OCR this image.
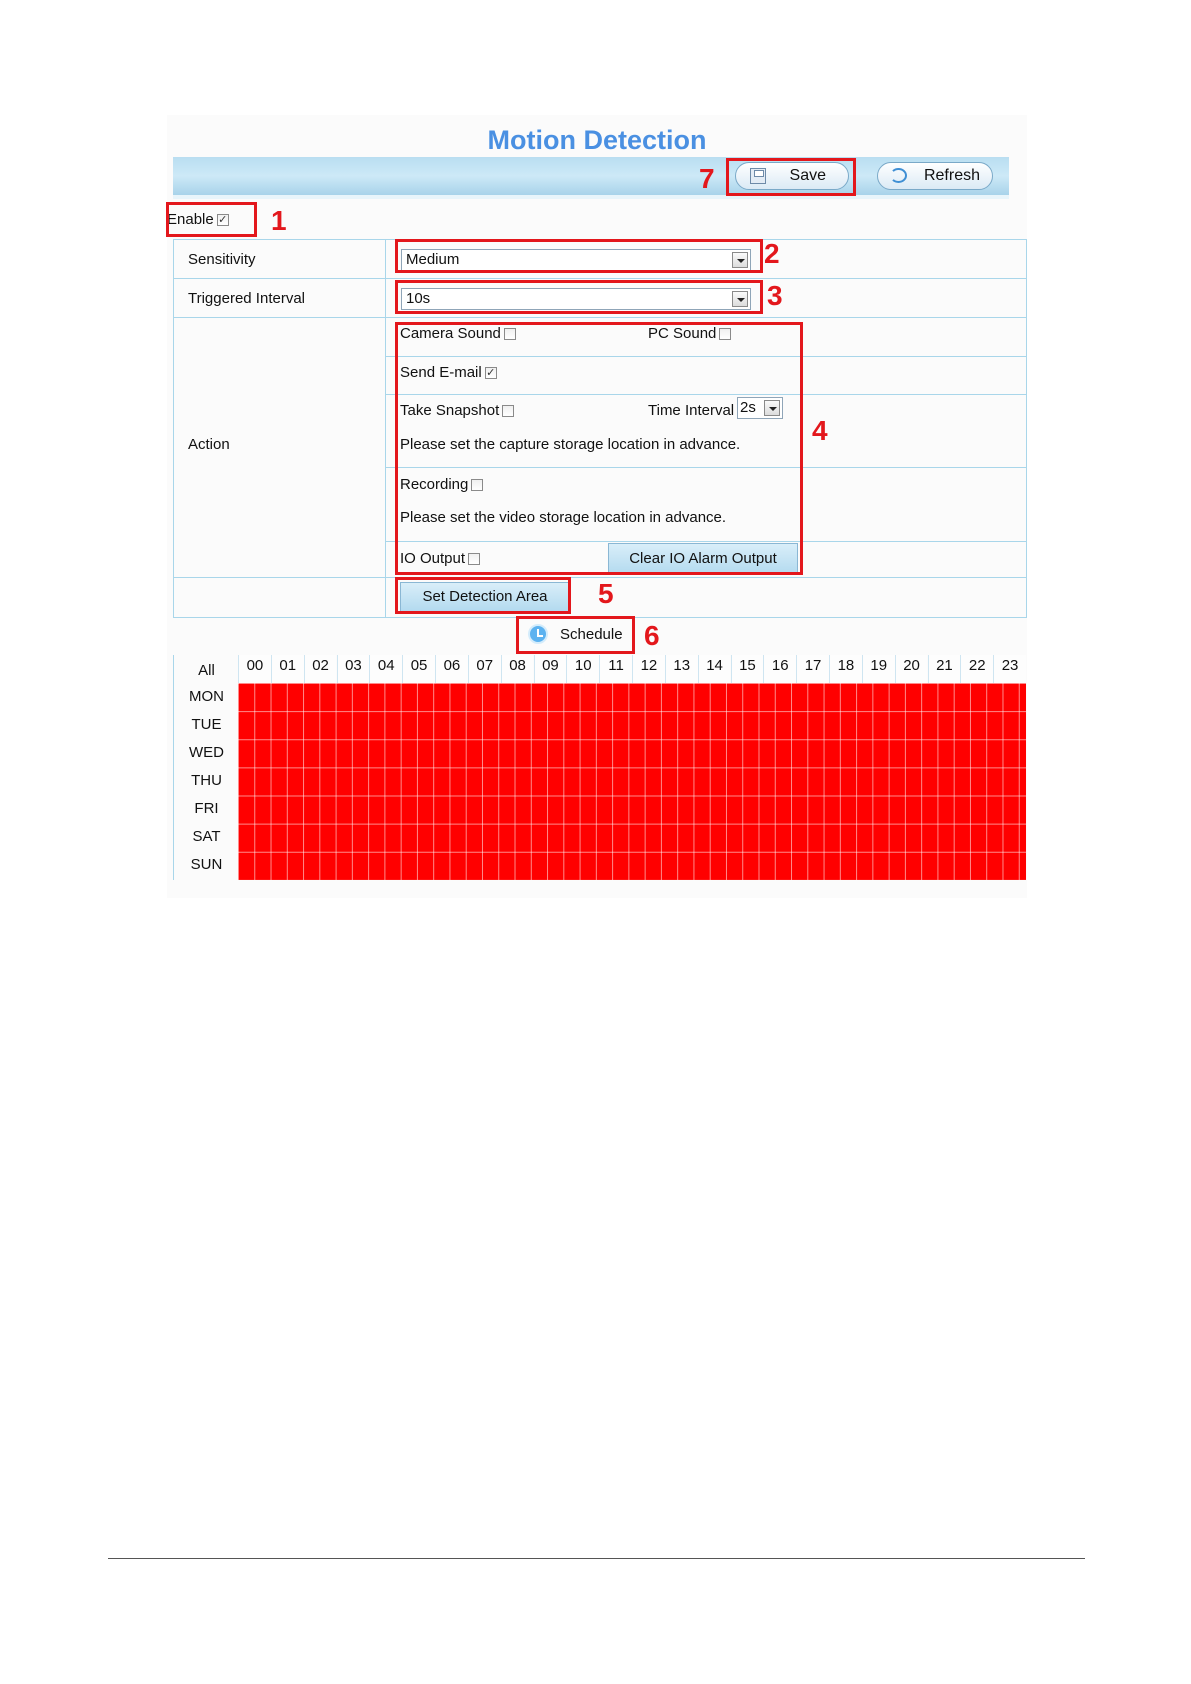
Motion Detection
Save	Refresh
Enable ✓
Sensitivity	Medium
Triggered Interval	10s
Action
Camera Sound	PC Sound
Send E-mail ✓
Take Snapshot	Time Interval 2s
Please set the capture storage location in advance.
Recording
Please set the video storage location in advance.
IO Output	Clear IO Alarm Output
Set Detection Area
Schedule
All
MON
TUE
WED
THU
FRI
SAT
SUN
00	01	02	03	04	05	06	07	08	09	10	11	12	13	14	15	16	17	18	19	20	21	22	23
1
2
3
4
5
6
7
